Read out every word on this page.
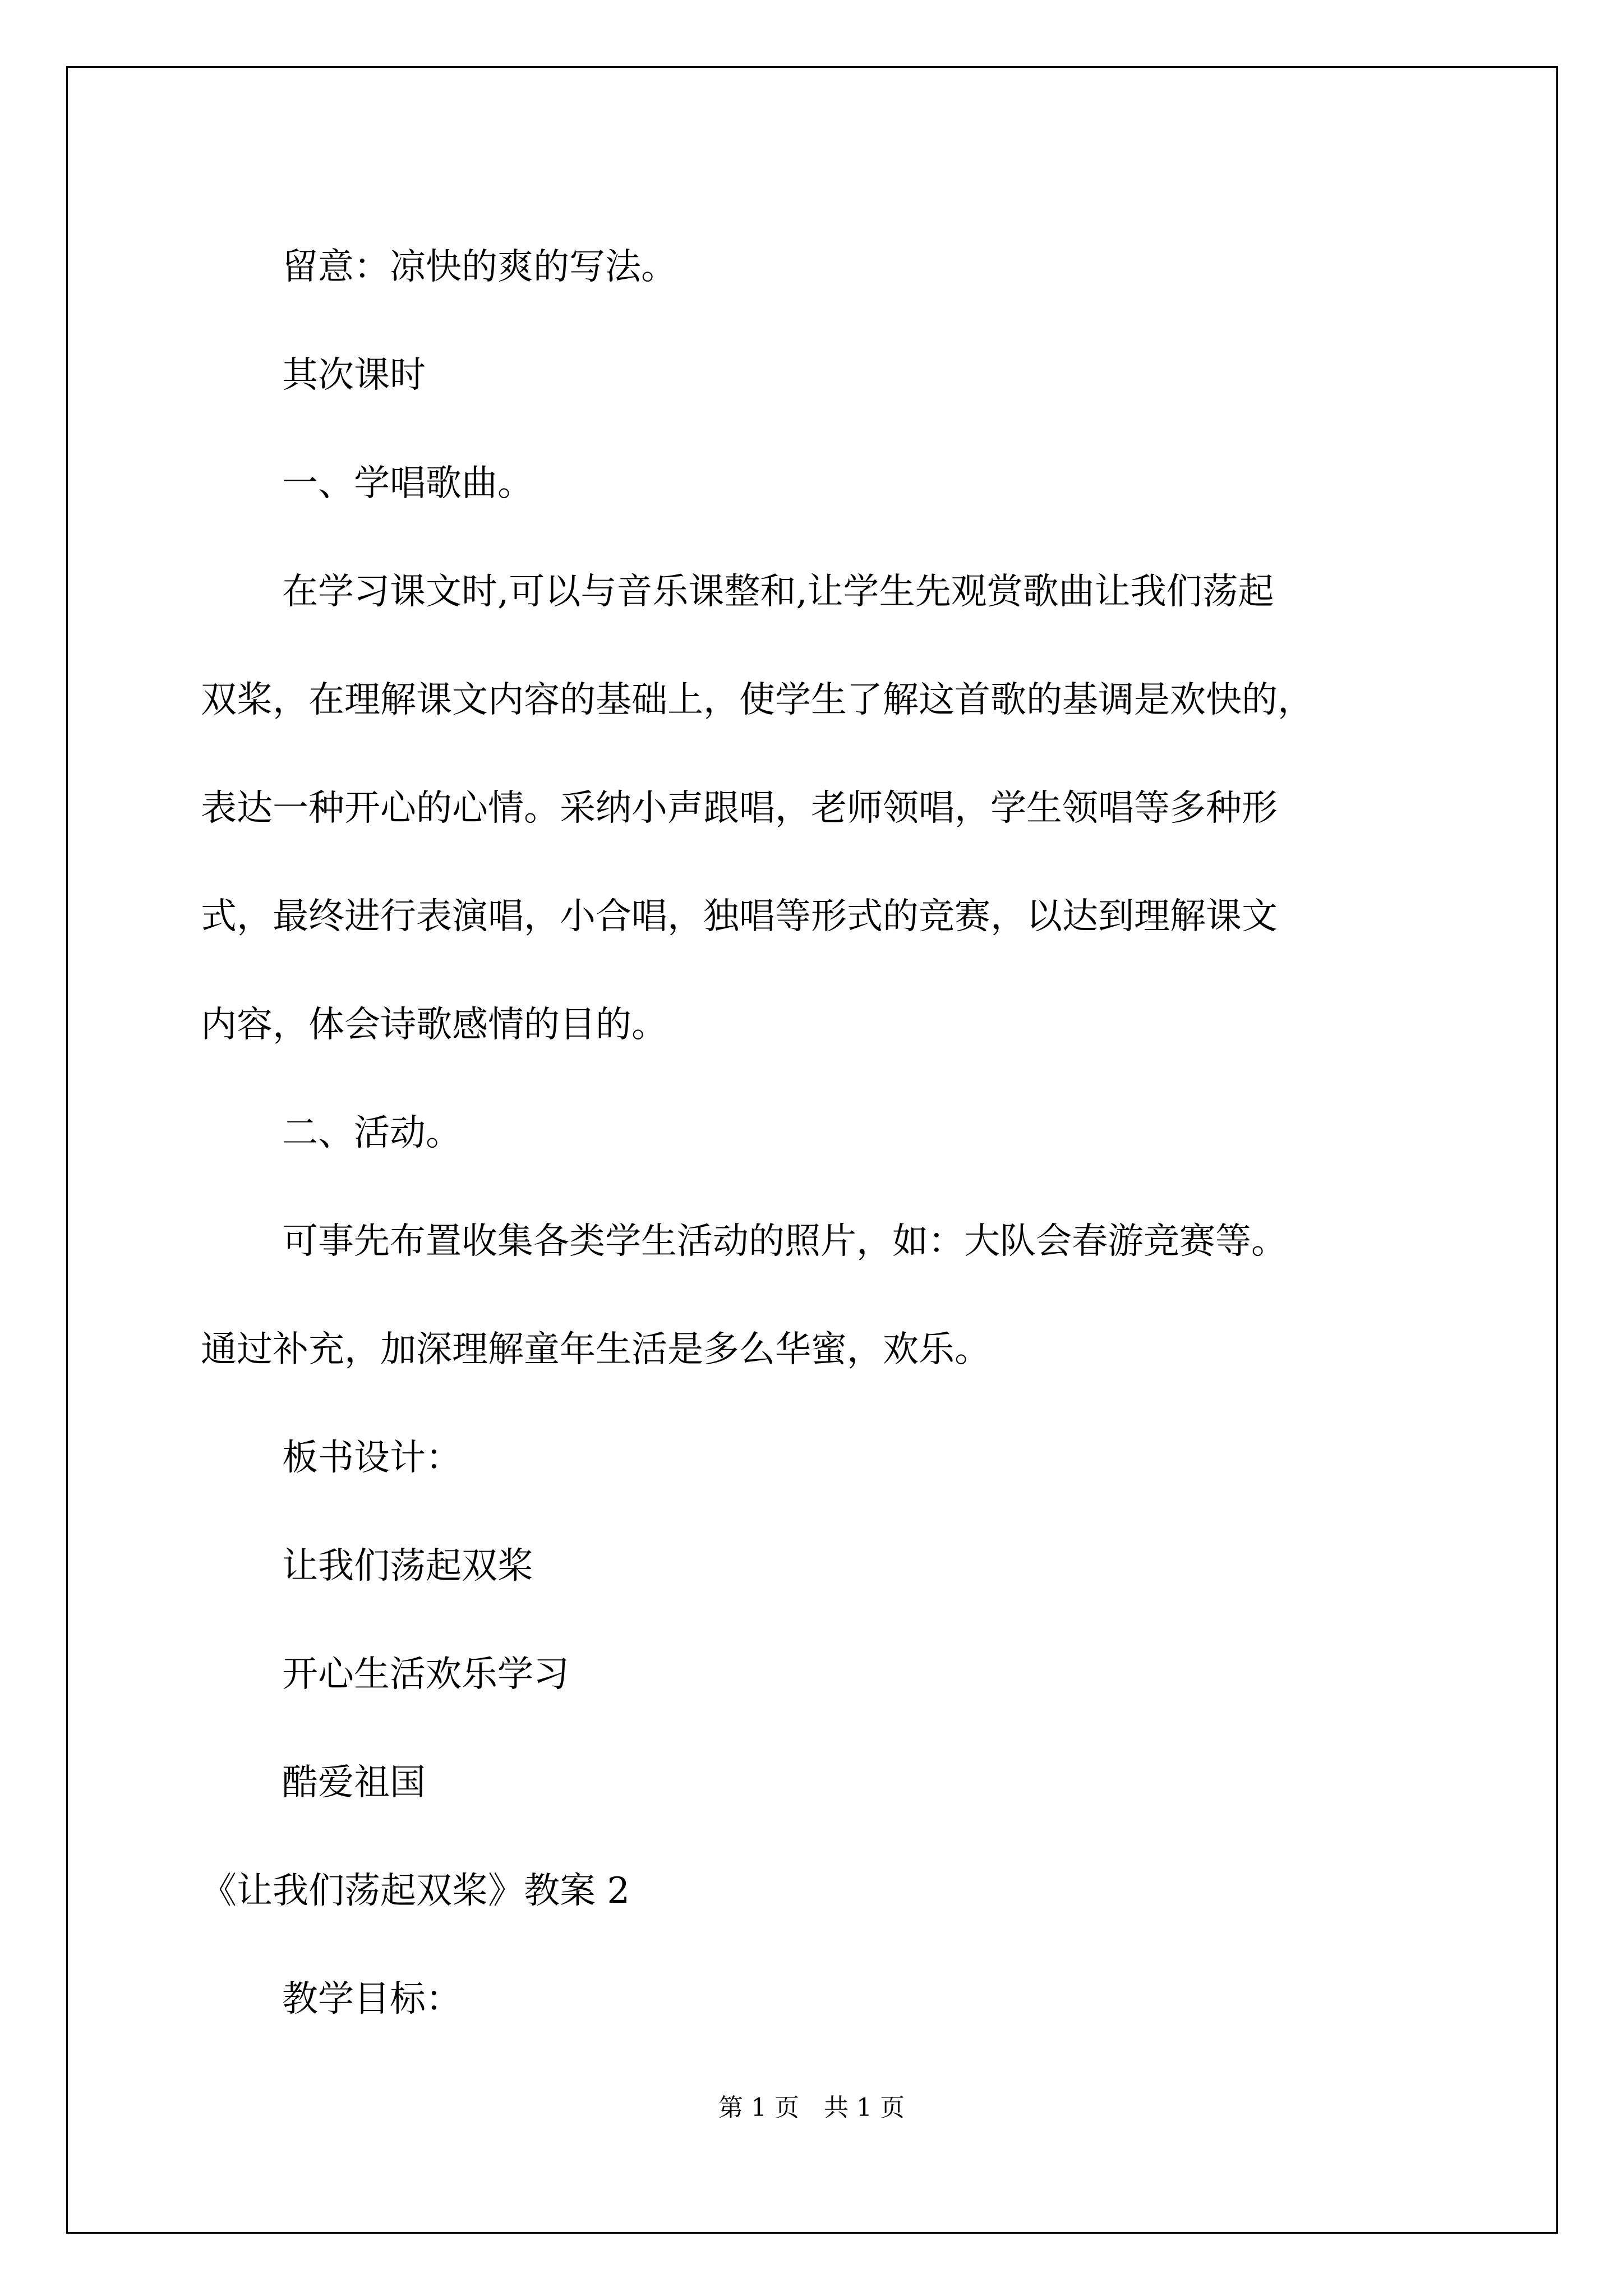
留意：凉快的爽的写法。

其次课时

一、学唱歌曲。

在学习课文时,可以与音乐课整和,让学生先观赏歌曲让我们荡起

双桨，在理解课文内容的基础上，使学生了解这首歌的基调是欢快的，

表达一种开心的心情。采纳小声跟唱，老师领唱，学生领唱等多种形

式，最终进行表演唱，小合唱，独唱等形式的竞赛，以达到理解课文

内容，体会诗歌感情的目的。

二、活动。

可事先布置收集各类学生活动的照片，如：大队会春游竞赛等。

通过补充，加深理解童年生活是多么华蜜，欢乐。

板书设计：

让我们荡起双桨

开心生活欢乐学习

酷爱祖国

《让我们荡起双桨》教案 2

教学目标：

第 1 页　共 1 页
